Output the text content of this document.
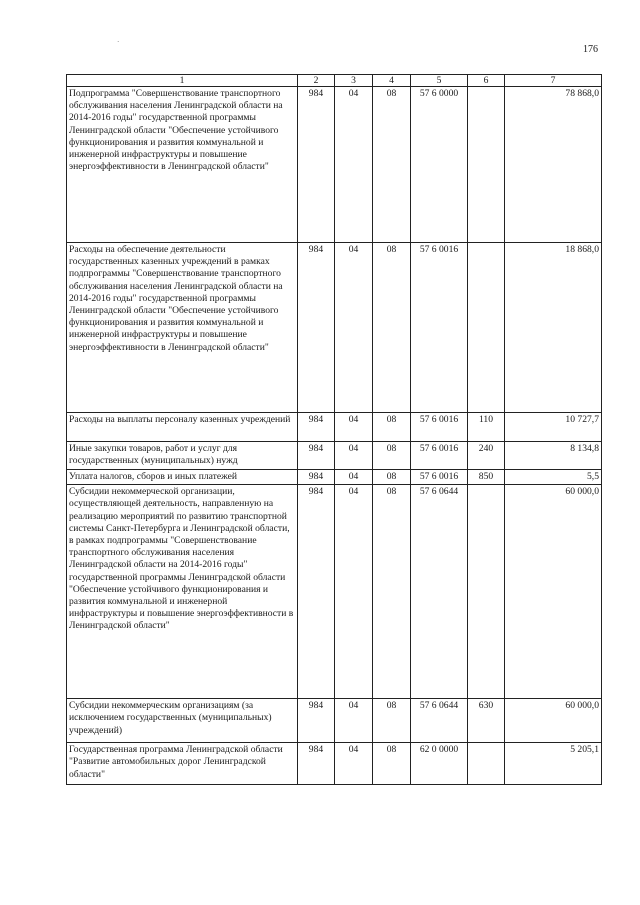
·
176
1	2	3	4	5	6	7
Подпрограмма "Совершенствование транспортного обслуживания населения Ленинградской области на 2014-2016 годы" государственной программы Ленинградской области "Обеспечение устойчивого функционирования и развития коммунальной и инженерной инфраструктуры и повышение энергоэффективности в Ленинградской области"	984	04	08	57 6 0000		78 868,0
Расходы на обеспечение деятельности государственных казенных учреждений в рамках подпрограммы "Совершенствование транспортного обслуживания населения Ленинградской области на 2014-2016 годы" государственной программы Ленинградской области "Обеспечение устойчивого функционирования и развития коммунальной и инженерной инфраструктуры и повышение энергоэффективности в Ленинградской области"	984	04	08	57 6 0016		18 868,0
Расходы на выплаты персоналу казенных учреждений	984	04	08	57 6 0016	110	10 727,7
Иные закупки товаров, работ и услуг для государственных (муниципальных) нужд	984	04	08	57 6 0016	240	8 134,8
Уплата налогов, сборов и иных платежей	984	04	08	57 6 0016	850	5,5
Субсидии некоммерческой организации, осуществляющей деятельность, направленную на реализацию мероприятий по развитию транспортной системы Санкт-Петербурга и Ленинградской области, в рамках подпрограммы "Совершенствование транспортного обслуживания населения Ленинградской области на 2014-2016 годы" государственной программы Ленинградской области "Обеспечение устойчивого функционирования и развития коммунальной и инженерной инфраструктуры и повышение энергоэффективности в Ленинградской области"	984	04	08	57 6 0644		60 000,0
Субсидии некоммерческим организациям (за исключением государственных (муниципальных) учреждений)	984	04	08	57 6 0644	630	60 000,0
Государственная программа Ленинградской области "Развитие автомобильных дорог Ленинградской области"	984	04	08	62 0 0000		5 205,1
